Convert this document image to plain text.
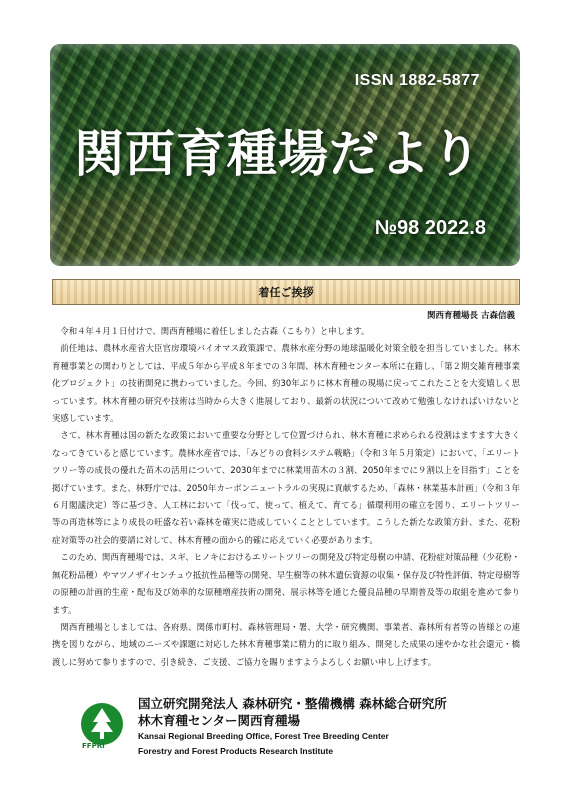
ISSN 1882-5877
関西育種場だより
№98 2022.8
着任ご挨拶
関西育種場長 古森信義

令和４年４月１日付けで、関西育種場に着任しました古森（こもり）と申します。

前任地は、農林水産省大臣官房環境バイオマス政策課で、農林水産分野の地球温暖化対策全般を担当していました。林木育種事業との関わりとしては、平成５年から平成８年までの３年間、林木育種センター本所に在籍し、「第２期交雑育種事業化プロジェクト」の技術開発に携わっていました。今回、約30年ぶりに林木育種の現場に戻ってこれたことを大変嬉しく思っています。林木育種の研究や技術は当時から大きく進展しており、最新の状況について改めて勉強しなければいけないと実感しています。

さて、林木育種は国の新たな政策において重要な分野として位置づけられ、林木育種に求められる役割はますます大きくなってきていると感じています。農林水産省では、「みどりの食料システム戦略」（令和３年５月策定）において、「エリートツリー等の成長の優れた苗木の活用について、2030年までに林業用苗木の３割、2050年までに９割以上を目指す」ことを掲げています。また、林野庁では、2050年カーボンニュートラルの実現に貢献するため、「森林・林業基本計画」（令和３年６月閣議決定）等に基づき、人工林において「伐って、使って、植えて、育てる」循環利用の確立を図り、エリートツリー等の再造林等により成長の旺盛な若い森林を確実に造成していくこととしています。こうした新たな政策方針、また、花粉症対策等の社会的要請に対して、林木育種の面から的確に応えていく必要があります。

このため、関西育種場では、スギ、ヒノキにおけるエリートツリーの開発及び特定母樹の申請、花粉症対策品種（少花粉・無花粉品種）やマツノザイセンチュウ抵抗性品種等の開発、早生樹等の林木遺伝資源の収集・保存及び特性評価、特定母樹等の原種の計画的生産・配布及び効率的な原種増産技術の開発、展示林等を通じた優良品種の早期普及等の取組を進めて参ります。

関西育種場としましては、各府県、関係市町村、森林管理局・署、大学・研究機関、事業者、森林所有者等の皆様との連携を図りながら、地域のニーズや課題に対応した林木育種事業に精力的に取り組み、開発した成果の速やかな社会還元・橋渡しに努めて参りますので、引き続き、ご支援、ご協力を賜りますようよろしくお願い申し上げます。

FFPRI
国立研究開発法人 森林研究・整備機構 森林総合研究所
林木育種センター関西育種場
Kansai Regional Breeding Office, Forest Tree Breeding Center
Forestry and Forest Products Research Institute
